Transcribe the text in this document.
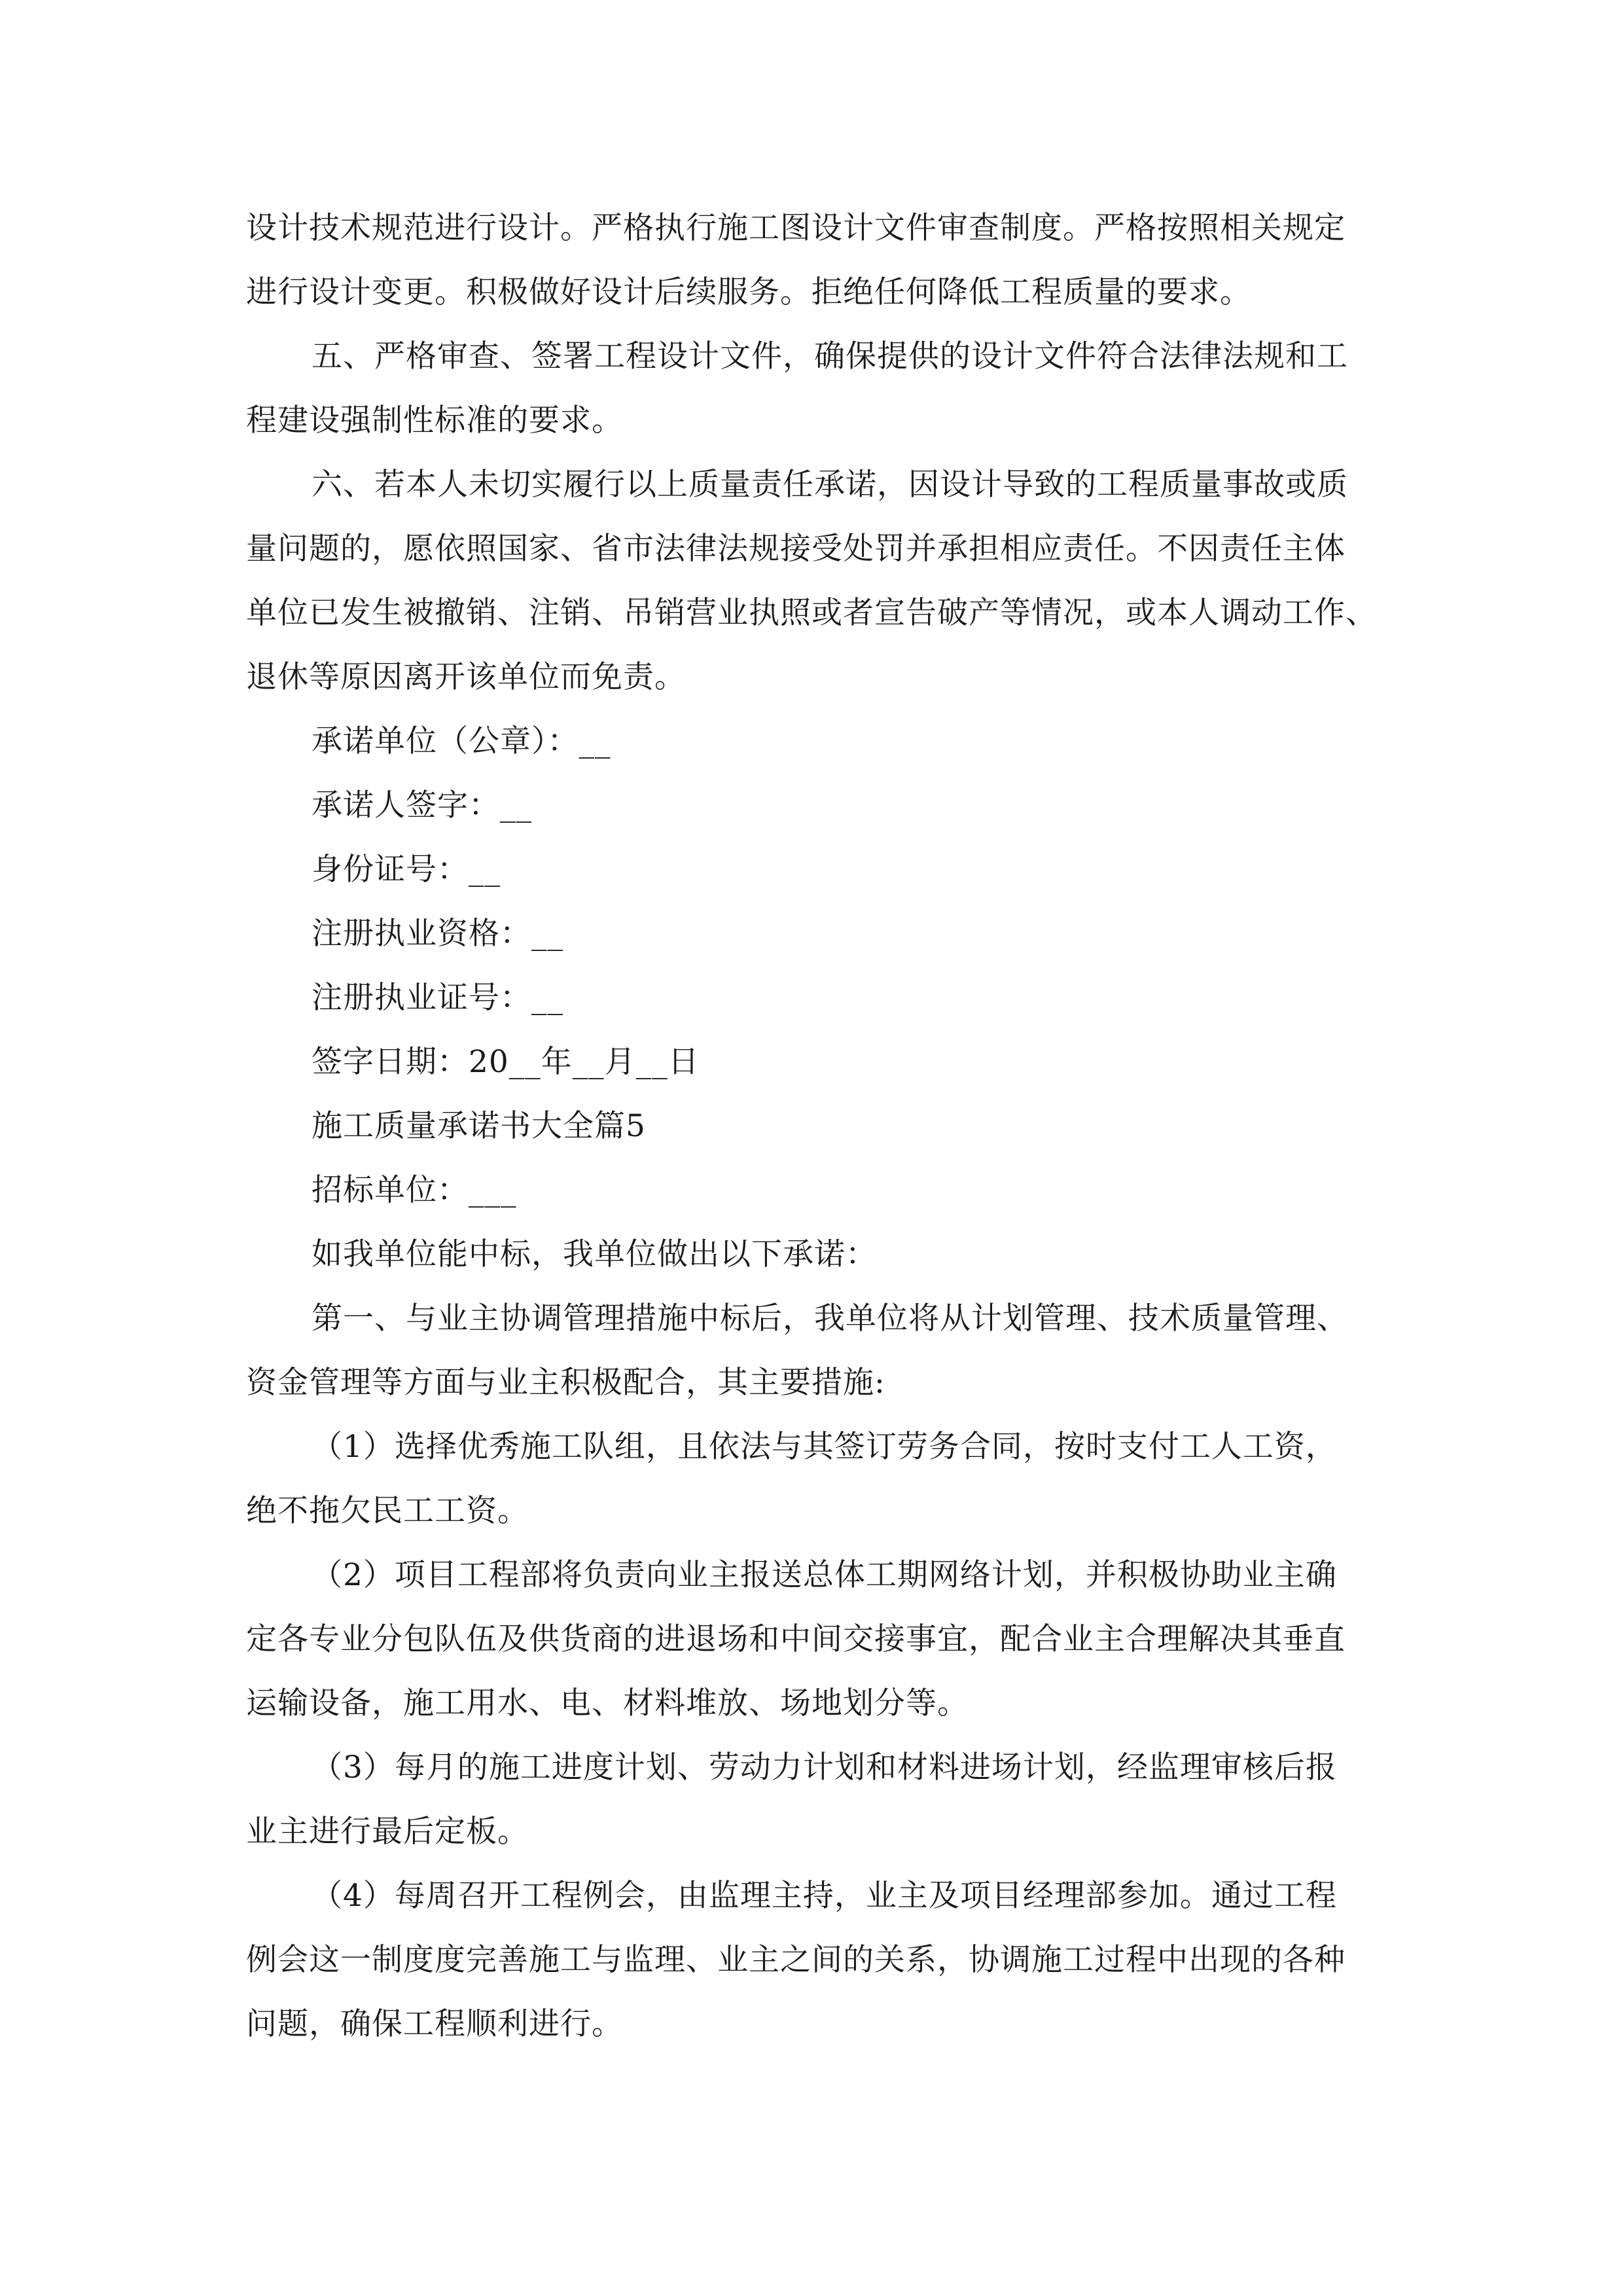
设计技术规范进行设计。严格执行施工图设计文件审查制度。严格按照相关规定

进行设计变更。积极做好设计后续服务。拒绝任何降低工程质量的要求。

五、严格审查、签署工程设计文件，确保提供的设计文件符合法律法规和工

程建设强制性标准的要求。

六、若本人未切实履行以上质量责任承诺，因设计导致的工程质量事故或质

量问题的，愿依照国家、省市法律法规接受处罚并承担相应责任。不因责任主体

单位已发生被撤销、注销、吊销营业执照或者宣告破产等情况，或本人调动工作、

退休等原因离开该单位而免责。

承诺单位（公章）：__

承诺人签字：__

身份证号：__

注册执业资格：__

注册执业证号：__

签字日期：20__年__月__日

施工质量承诺书大全篇5

招标单位：___

如我单位能中标，我单位做出以下承诺：

第一、与业主协调管理措施中标后，我单位将从计划管理、技术质量管理、

资金管理等方面与业主积极配合，其主要措施:

（1）选择优秀施工队组，且依法与其签订劳务合同，按时支付工人工资，

绝不拖欠民工工资。

（2）项目工程部将负责向业主报送总体工期网络计划，并积极协助业主确

定各专业分包队伍及供货商的进退场和中间交接事宜，配合业主合理解决其垂直

运输设备，施工用水、电、材料堆放、场地划分等。

（3）每月的施工进度计划、劳动力计划和材料进场计划，经监理审核后报

业主进行最后定板。

（4）每周召开工程例会，由监理主持，业主及项目经理部参加。通过工程

例会这一制度度完善施工与监理、业主之间的关系，协调施工过程中出现的各种

问题，确保工程顺利进行。
